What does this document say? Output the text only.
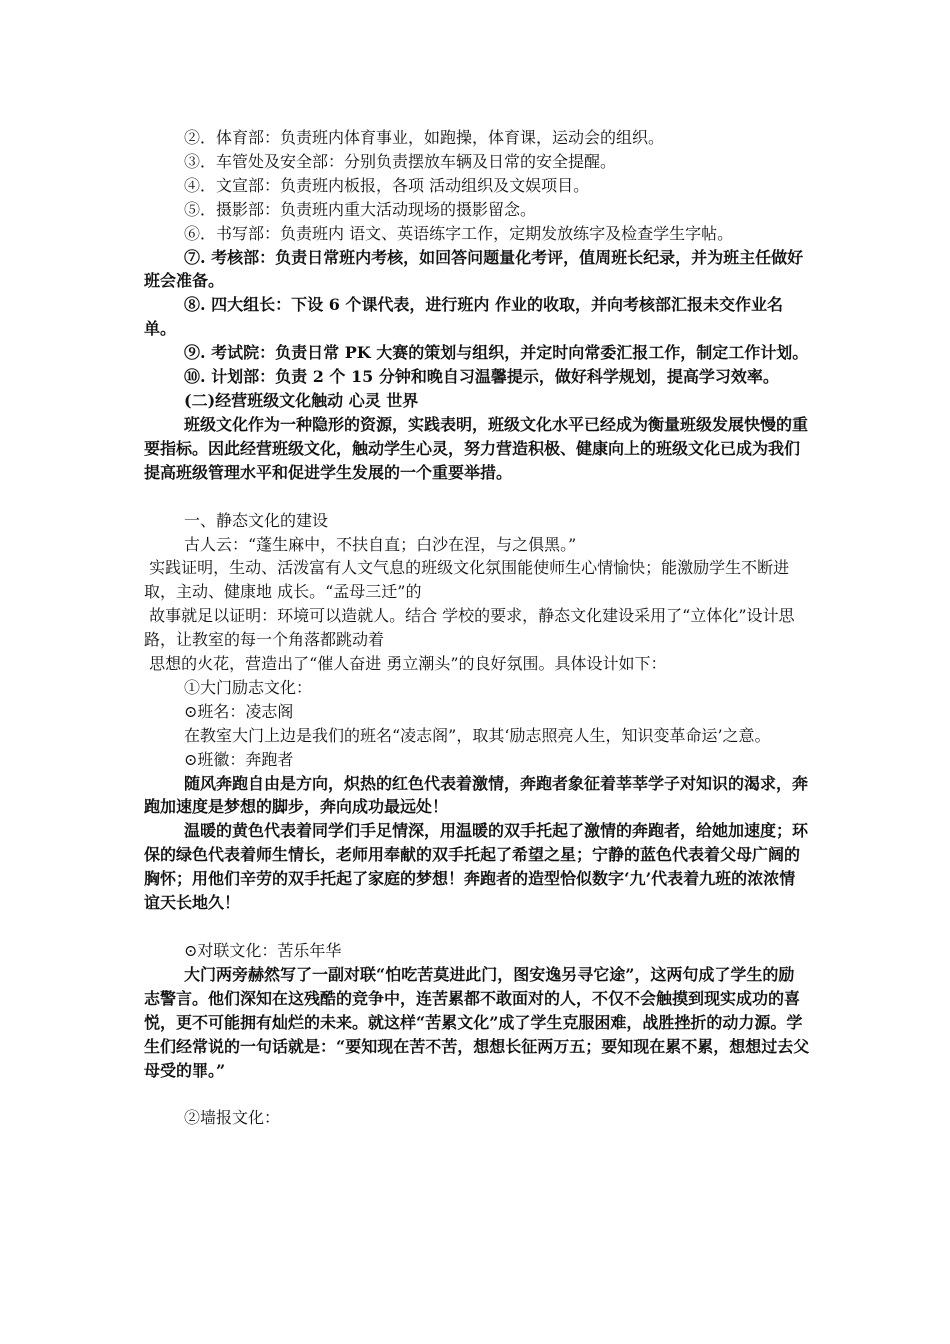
②．体育部：负责班内体育事业，如跑操，体育课，运动会的组织。

③．车管处及安全部：分别负责摆放车辆及日常的安全提醒。

④．文宣部：负责班内板报，各项 活动组织及文娱项目。

⑤．摄影部：负责班内重大活动现场的摄影留念。

⑥．书写部：负责班内 语文、英语练字工作，定期发放练字及检查学生字帖。

⑦. 考核部：负责日常班内考核，如回答问题量化考评，值周班长纪录，并为班主任做好班会准备。

⑧. 四大组长：下设 6 个课代表，进行班内 作业的收取，并向考核部汇报未交作业名单。

⑨. 考试院：负责日常 PK 大赛的策划与组织，并定时向常委汇报工作，制定工作计划。

⑩. 计划部：负责 2 个 15 分钟和晚自习温馨提示，做好科学规划，提高学习效率。

(二)经营班级文化触动 心灵 世界

班级文化作为一种隐形的资源，实践表明，班级文化水平已经成为衡量班级发展快慢的重要指标。因此经营班级文化，触动学生心灵，努力营造积极、健康向上的班级文化已成为我们提高班级管理水平和促进学生发展的一个重要举措。

一、静态文化的建设

古人云：“蓬生麻中，不扶自直；白沙在涅，与之俱黑。”

实践证明，生动、活泼富有人文气息的班级文化氛围能使师生心情愉快；能激励学生不断进取，主动、健康地 成长。“孟母三迁”的

故事就足以证明：环境可以造就人。结合 学校的要求，静态文化建设采用了“立体化”设计思路，让教室的每一个角落都跳动着

思想的火花，营造出了“催人奋进 勇立潮头”的良好氛围。具体设计如下：

①大门励志文化：

⊙班名：凌志阁

在教室大门上边是我们的班名“凌志阁”，取其‘励志照亮人生，知识变革命运’之意。

⊙班徽：奔跑者

随风奔跑自由是方向，炽热的红色代表着激情，奔跑者象征着莘莘学子对知识的渴求，奔跑加速度是梦想的脚步，奔向成功最远处！

温暖的黄色代表着同学们手足情深，用温暖的双手托起了激情的奔跑者，给她加速度；环保的绿色代表着师生情长，老师用奉献的双手托起了希望之星；宁静的蓝色代表着父母广阔的胸怀；用他们辛劳的双手托起了家庭的梦想！奔跑者的造型恰似数字‘九’代表着九班的浓浓情谊天长地久！

⊙对联文化：苦乐年华

大门两旁赫然写了一副对联“怕吃苦莫进此门，图安逸另寻它途”，这两句成了学生的励志警言。他们深知在这残酷的竞争中，连苦累都不敢面对的人，不仅不会触摸到现实成功的喜悦，更不可能拥有灿烂的未来。就这样“苦累文化”成了学生克服困难，战胜挫折的动力源。学生们经常说的一句话就是：“要知现在苦不苦，想想长征两万五；要知现在累不累，想想过去父母受的罪。”

②墙报文化：
